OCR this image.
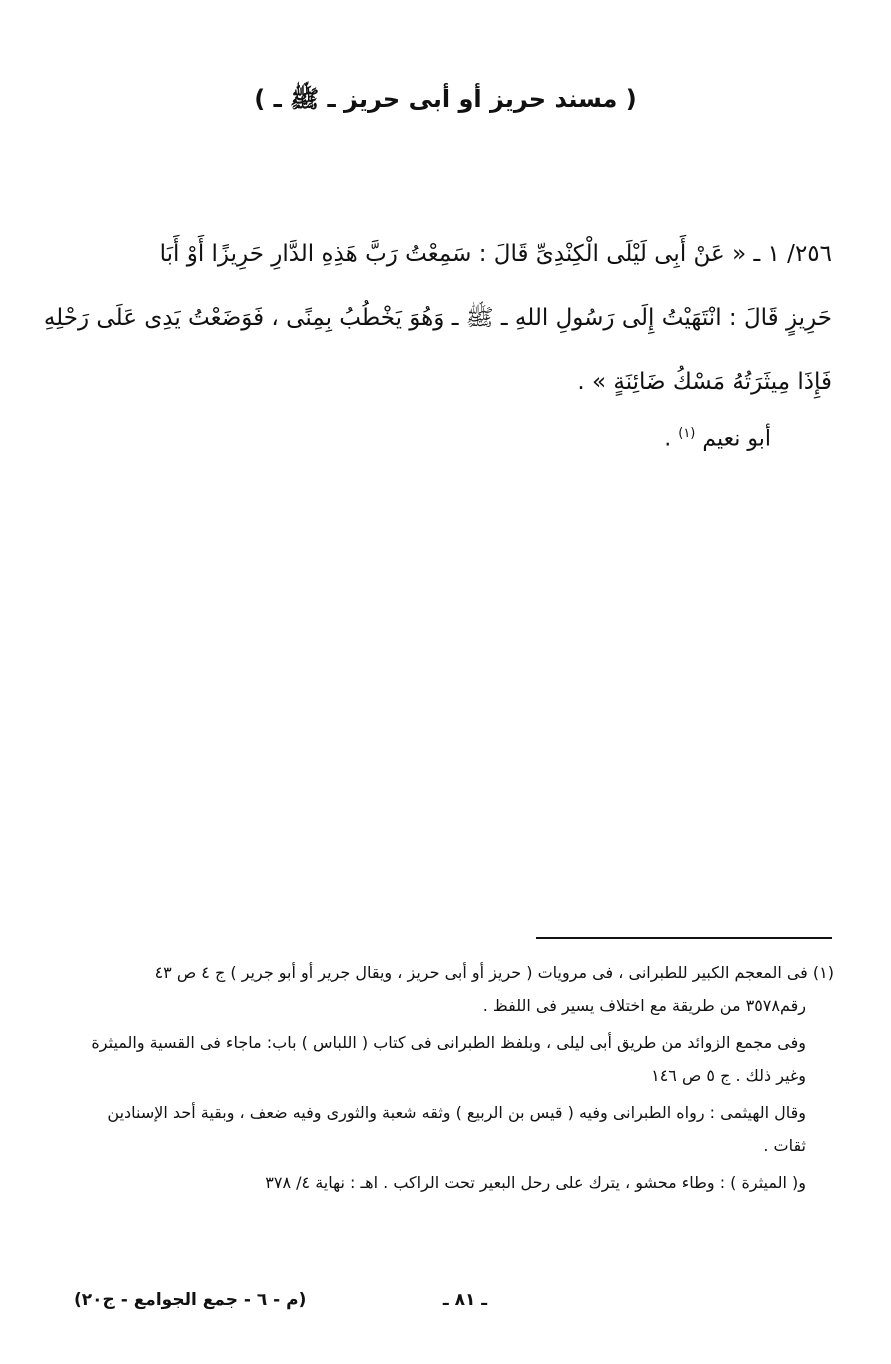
( مسند حريز أو أبى حريز ـ ﷺ ـ )
٢٥٦/ ١ ـ « عَنْ أَبِى لَيْلَى الْكِنْدِىِّ قَالَ : سَمِعْتُ رَبَّ هَذِهِ الدَّارِ حَرِيزًا أَوْ أَبَا
حَرِيزٍ قَالَ : انْتَهَيْتُ إِلَى رَسُولِ اللهِ ـ ﷺ ـ وَهُوَ يَخْطُبُ بِمِنًى ، فَوَضَعْتُ يَدِى عَلَى رَحْلِهِ
فَإِذَا مِيثَرَتُهُ مَسْكُ ضَائِنَةٍ » .
أبو نعيم $^{(١)}$ .
(١) فى المعجم الكبير للطبرانى ، فى مرويات ( حريز أو أبى حريز ، ويقال جرير أو أبو جرير ) ج ٤ ص ٤٣
رقم٣٥٧٨ من طريقة مع اختلاف يسير فى اللفظ .
وفى مجمع الزوائد من طريق أبى ليلى ، وبلفظ الطبرانى فى كتاب ( اللباس ) باب: ماجاء فى القسية والميثرة
وغير ذلك . ج ٥ ص ١٤٦
وقال الهيثمى : رواه الطبرانى وفيه ( قيس بن الربيع ) وثقه شعبة والثورى وفيه ضعف ، وبقية أحد الإسنادين
ثقات .
و( الميثرة ) : وطاء محشو ، يترك على رحل البعير تحت الراكب . اهـ : نهاية ٤/ ٣٧٨
ـ ٨١ ـ
(م - ٦ - جمع الجوامع - ج٢٠)
